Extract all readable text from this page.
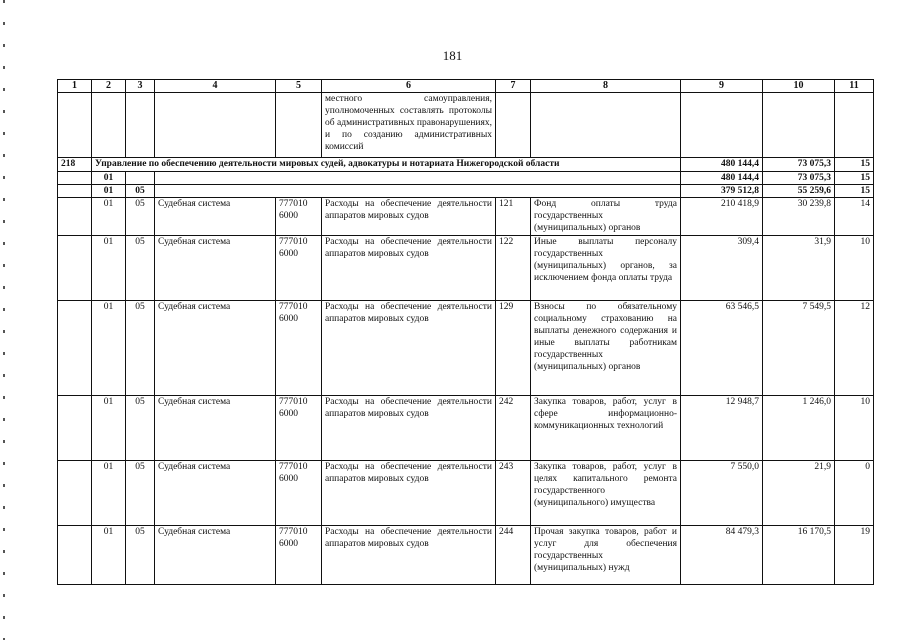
181
1	2	3	4	5	6	7	8	9	10	11
					местного самоуправления, уполномоченных составлять протоколы об административных правонарушениях, и по созданию административных комиссий					
218	Управление по обеспечению деятельности мировых судей, адвокатуры и нотариата Нижегородской области							480 144,4	73 075,3	15
	01							480 144,4	73 075,3	15
	01	05						379 512,8	55 259,6	15
	01	05	Судебная система	777010 6000	Расходы на обеспечение деятельности аппаратов мировых судов	121	Фонд оплаты труда государственных (муниципальных) органов	210 418,9	30 239,8	14
	01	05	Судебная система	777010 6000	Расходы на обеспечение деятельности аппаратов мировых судов	122	Иные выплаты персоналу государственных (муниципальных) органов, за исключением фонда оплаты труда	309,4	31,9	10
	01	05	Судебная система	777010 6000	Расходы на обеспечение деятельности аппаратов мировых судов	129	Взносы по обязательному социальному страхованию на выплаты денежного содержания и иные выплаты работникам государственных (муниципальных) органов	63 546,5	7 549,5	12
	01	05	Судебная система	777010 6000	Расходы на обеспечение деятельности аппаратов мировых судов	242	Закупка товаров, работ, услуг в сфере информационно-коммуникационных технологий	12 948,7	1 246,0	10
	01	05	Судебная система	777010 6000	Расходы на обеспечение деятельности аппаратов мировых судов	243	Закупка товаров, работ, услуг в целях капитального ремонта государственного (муниципального) имущества	7 550,0	21,9	0
	01	05	Судебная система	777010 6000	Расходы на обеспечение деятельности аппаратов мировых судов	244	Прочая закупка товаров, работ и услуг для обеспечения государственных (муниципальных) нужд	84 479,3	16 170,5	19
